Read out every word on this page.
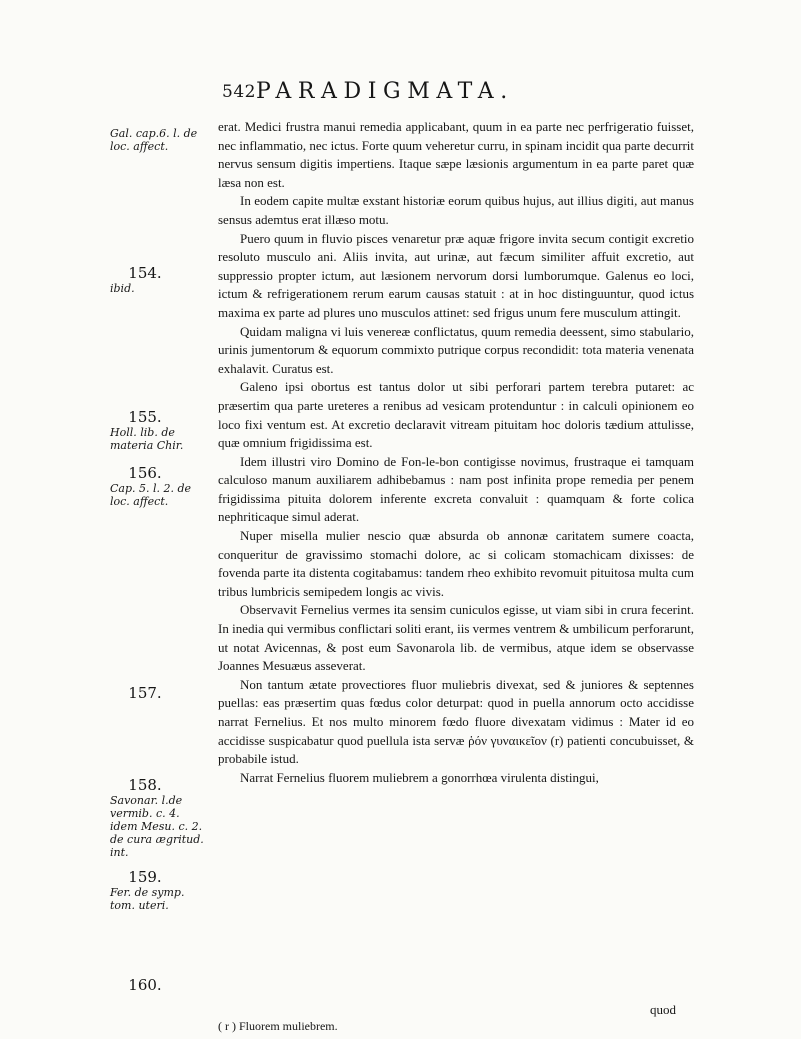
542 PARADIGMATA.
Gal. cap.6. l. de loc. affect.
154.
ibid.
155.
Holl. lib. de materia Chir.
156.
Cap. 5. l. 2. de loc. affect.
157.
158.
Savonar. l.de vermib. c. 4. idem Mesu. c. 2. de cura ægritud. int.
159.
Fer. de symp. tom. uteri.
160.

erat. Medici frustra manui remedia applicabant, quum in ea parte nec perfrigeratio fuisset, nec inflammatio, nec ictus. Forte quum veheretur curru, in spinam incidit qua parte decurrit nervus sensum digitis impertiens. Itaque sæpe læsionis argumentum in ea parte paret quæ læsa non est.

In eodem capite multæ exstant historiæ eorum quibus hujus, aut illius digiti, aut manus sensus ademtus erat illæso motu.

Puero quum in fluvio pisces venaretur præ aquæ frigore invita secum contigit excretio resoluto musculo ani. Aliis invita, aut urinæ, aut fæcum similiter affuit excretio, aut suppressio propter ictum, aut læsionem nervorum dorsi lumborumque. Galenus eo loci, ictum & refrigerationem rerum earum causas statuit : at in hoc distinguuntur, quod ictus maxima ex parte ad plures uno musculos attinet: sed frigus unum fere musculum attingit.

Quidam maligna vi luis venereæ conflictatus, quum remedia deessent, simo stabulario, urinis jumentorum & equorum commixto putrique corpus recondidit: tota materia venenata exhalavit. Curatus est.

Galeno ipsi obortus est tantus dolor ut sibi perforari partem terebra putaret: ac præsertim qua parte ureteres a renibus ad vesicam protenduntur : in calculi opinionem eo loco fixi ventum est. At excretio declaravit vitream pituitam hoc doloris tædium attulisse, quæ omnium frigidissima est.

Idem illustri viro Domino de Fon-le-bon contigisse novimus, frustraque ei tamquam calculoso manum auxiliarem adhibebamus : nam post infinita prope remedia per penem frigidissima pituita dolorem inferente excreta convaluit : quamquam & forte colica nephriticaque simul aderat.

Nuper misella mulier nescio quæ absurda ob annonæ caritatem sumere coacta, conqueritur de gravissimo stomachi dolore, ac si colicam stomachicam dixisses: de fovenda parte ita distenta cogitabamus: tandem rheo exhibito revomuit pituitosa multa cum tribus lumbricis semipedem longis ac vivis.

Observavit Fernelius vermes ita sensim cuniculos egisse, ut viam sibi in crura fecerint. In inedia qui vermibus conflictari soliti erant, iis vermes ventrem & umbilicum perforarunt, ut notat Avicennas, & post eum Savonarola lib. de vermibus, atque idem se observasse Joannes Mesuæus asseverat.

Non tantum ætate provectiores fluor muliebris divexat, sed & juniores & septennes puellas: eas præsertim quas fœdus color deturpat: quod in puella annorum octo accidisse narrat Fernelius. Et nos multo minorem fœdo fluore divexatam vidimus : Mater id eo accidisse suspicabatur quod puellula ista servæ ῥόν γυναικεῖον (r) patienti concubuisset, & probabile istud.

Narrat Fernelius fluorem muliebrem a gonorrhœa virulenta distingui,

quod
( r ) Fluorem muliebrem.
